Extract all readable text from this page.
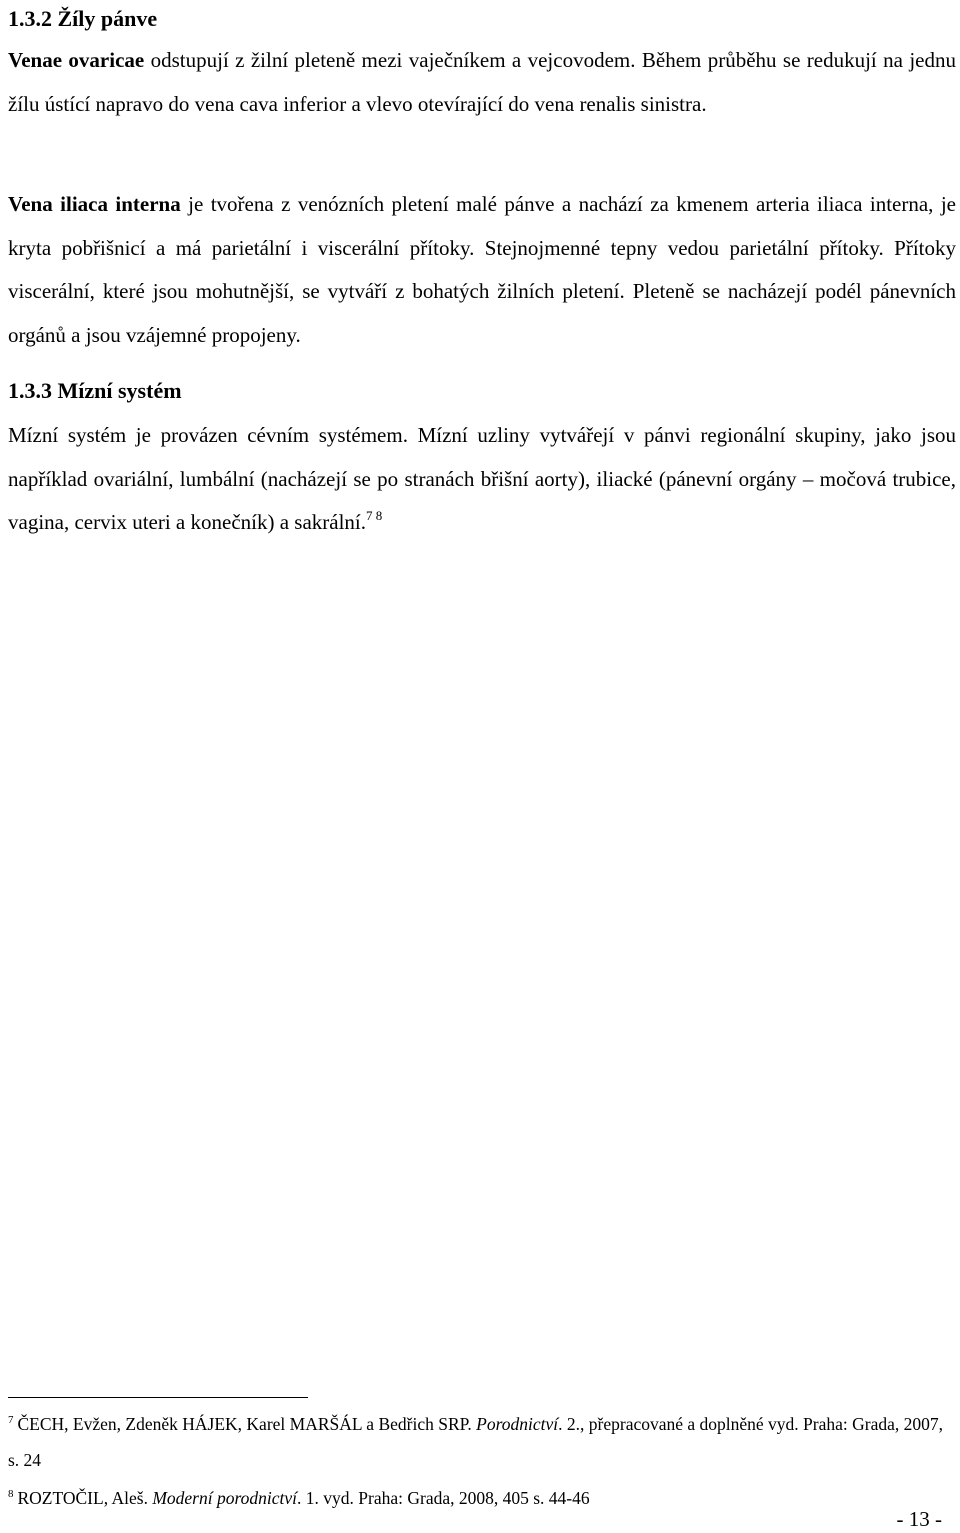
1.3.2 Žíly pánve

Venae ovaricae odstupují z žilní pleteně mezi vaječníkem a vejcovodem. Během průběhu se redukují na jednu žílu ústící napravo do vena cava inferior a vlevo otevírající do vena renalis sinistra.

Vena iliaca interna je tvořena z venózních pletení malé pánve a nachází za kmenem arteria iliaca interna, je kryta pobřišnicí a má parietální i viscerální přítoky. Stejnojmenné tepny vedou parietální přítoky. Přítoky viscerální, které jsou mohutnější, se vytváří z bohatých žilních pletení. Pleteně se nacházejí podél pánevních orgánů a jsou vzájemné propojeny.

1.3.3 Mízní systém

Mízní systém je provázen cévním systémem. Mízní uzliny vytvářejí v pánvi regionální skupiny, jako jsou například ovariální, lumbální (nacházejí se po stranách břišní aorty), iliacké (pánevní orgány – močová trubice, vagina, cervix uteri a konečník) a sakrální.$^{7 8}$

$^7$ ČECH, Evžen, Zdeněk HÁJEK, Karel MARŠÁL a Bedřich SRP. Porodnictví. 2., přepracované a doplněné vyd. Praha: Grada, 2007, s. 24

$^8$ ROZTOČIL, Aleš. Moderní porodnictví. 1. vyd. Praha: Grada, 2008, 405 s. 44-46

- 13 -
